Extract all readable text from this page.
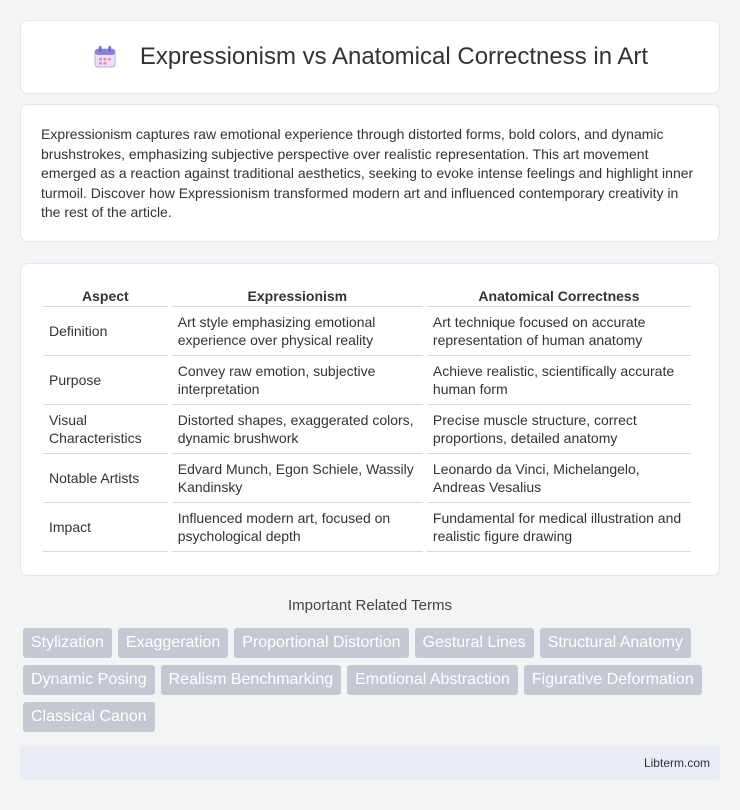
Expressionism vs Anatomical Correctness in Art

Expressionism captures raw emotional experience through distorted forms, bold colors, and dynamic brushstrokes, emphasizing subjective perspective over realistic representation. This art movement emerged as a reaction against traditional aesthetics, seeking to evoke intense feelings and highlight inner turmoil. Discover how Expressionism transformed modern art and influenced contemporary creativity in the rest of the article.

Aspect	Expressionism	Anatomical Correctness
Definition	Art style emphasizing emotional experience over physical reality	Art technique focused on accurate representation of human anatomy
Purpose	Convey raw emotion, subjective interpretation	Achieve realistic, scientifically accurate human form
Visual Characteristics	Distorted shapes, exaggerated colors, dynamic brushwork	Precise muscle structure, correct proportions, detailed anatomy
Notable Artists	Edvard Munch, Egon Schiele, Wassily Kandinsky	Leonardo da Vinci, Michelangelo, Andreas Vesalius
Impact	Influenced modern art, focused on psychological depth	Fundamental for medical illustration and realistic figure drawing
Important Related Terms
Stylization	Exaggeration	Proportional Distortion	Gestural Lines	Structural Anatomy
Dynamic Posing	Realism Benchmarking	Emotional Abstraction	Figurative Deformation
Classical Canon
Libterm.com
